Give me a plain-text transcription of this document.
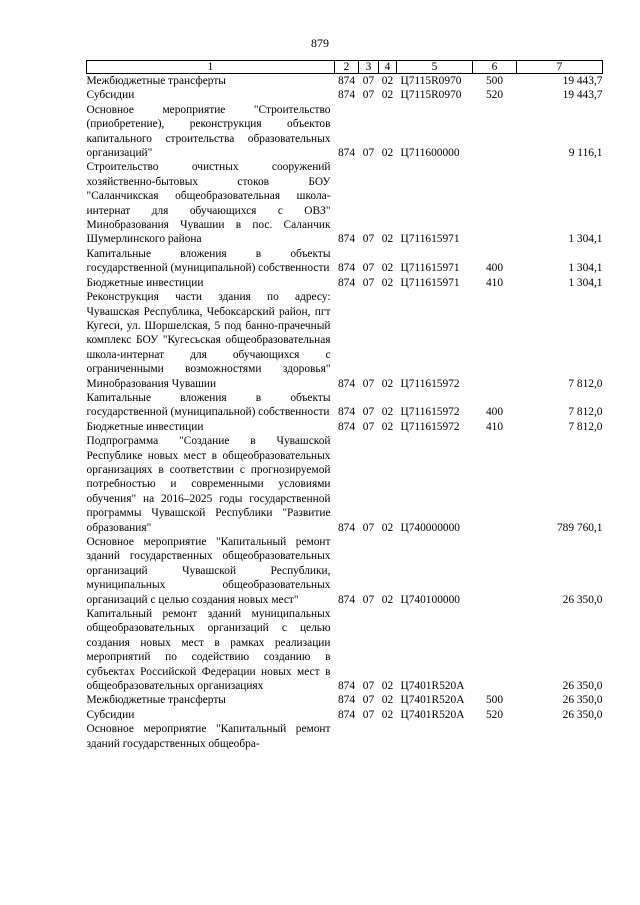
879
1	2	3	4	5	6	7
Межбюджетные трансферты	874	07	02	Ц7115R0970	500	19 443,7
Субсидии	874	07	02	Ц7115R0970	520	19 443,7
Основное мероприятие "Строительство (приобретение), реконструкция объектов капитального строительства образовательных организаций"	874	07	02	Ц711600000		9 116,1
Строительство очистных сооружений хозяйственно-бытовых стоков БОУ "Саланчикская общеобразовательная школа-интернат для обучающихся с ОВЗ" Минобразования Чувашии в пос. Саланчик Шумерлинского района	874	07	02	Ц711615971		1 304,1
Капитальные вложения в объекты государственной (муниципальной) собственности	874	07	02	Ц711615971	400	1 304,1
Бюджетные инвестиции	874	07	02	Ц711615971	410	1 304,1
Реконструкция части здания по адресу: Чувашская Республика, Чебоксарский район, пгт Кугеси, ул. Шоршелская, 5 под банно-прачечный комплекс БОУ "Кугесьская общеобразовательная школа-интернат для обучающихся с ограниченными возможностями здоровья" Минобразования Чувашии	874	07	02	Ц711615972		7 812,0
Капитальные вложения в объекты государственной (муниципальной) собственности	874	07	02	Ц711615972	400	7 812,0
Бюджетные инвестиции	874	07	02	Ц711615972	410	7 812,0
Подпрограмма "Создание в Чувашской Республике новых мест в общеобразовательных организациях в соответствии с прогнозируемой потребностью и современными условиями обучения" на 2016–2025 годы государственной программы Чувашской Республики "Развитие образования"	874	07	02	Ц740000000		789 760,1
Основное мероприятие "Капитальный ремонт зданий государственных общеобразовательных организаций Чувашской Республики, муниципальных общеобразовательных организаций с целью создания новых мест"	874	07	02	Ц740100000		26 350,0
Капитальный ремонт зданий муниципальных общеобразовательных организаций с целью создания новых мест в рамках реализации мероприятий по содействию созданию в субъектах Российской Федерации новых мест в общеобразовательных организациях	874	07	02	Ц7401R520A		26 350,0
Межбюджетные трансферты	874	07	02	Ц7401R520A	500	26 350,0
Субсидии	874	07	02	Ц7401R520A	520	26 350,0
Основное мероприятие "Капитальный ремонт зданий государственных общеобра-						
